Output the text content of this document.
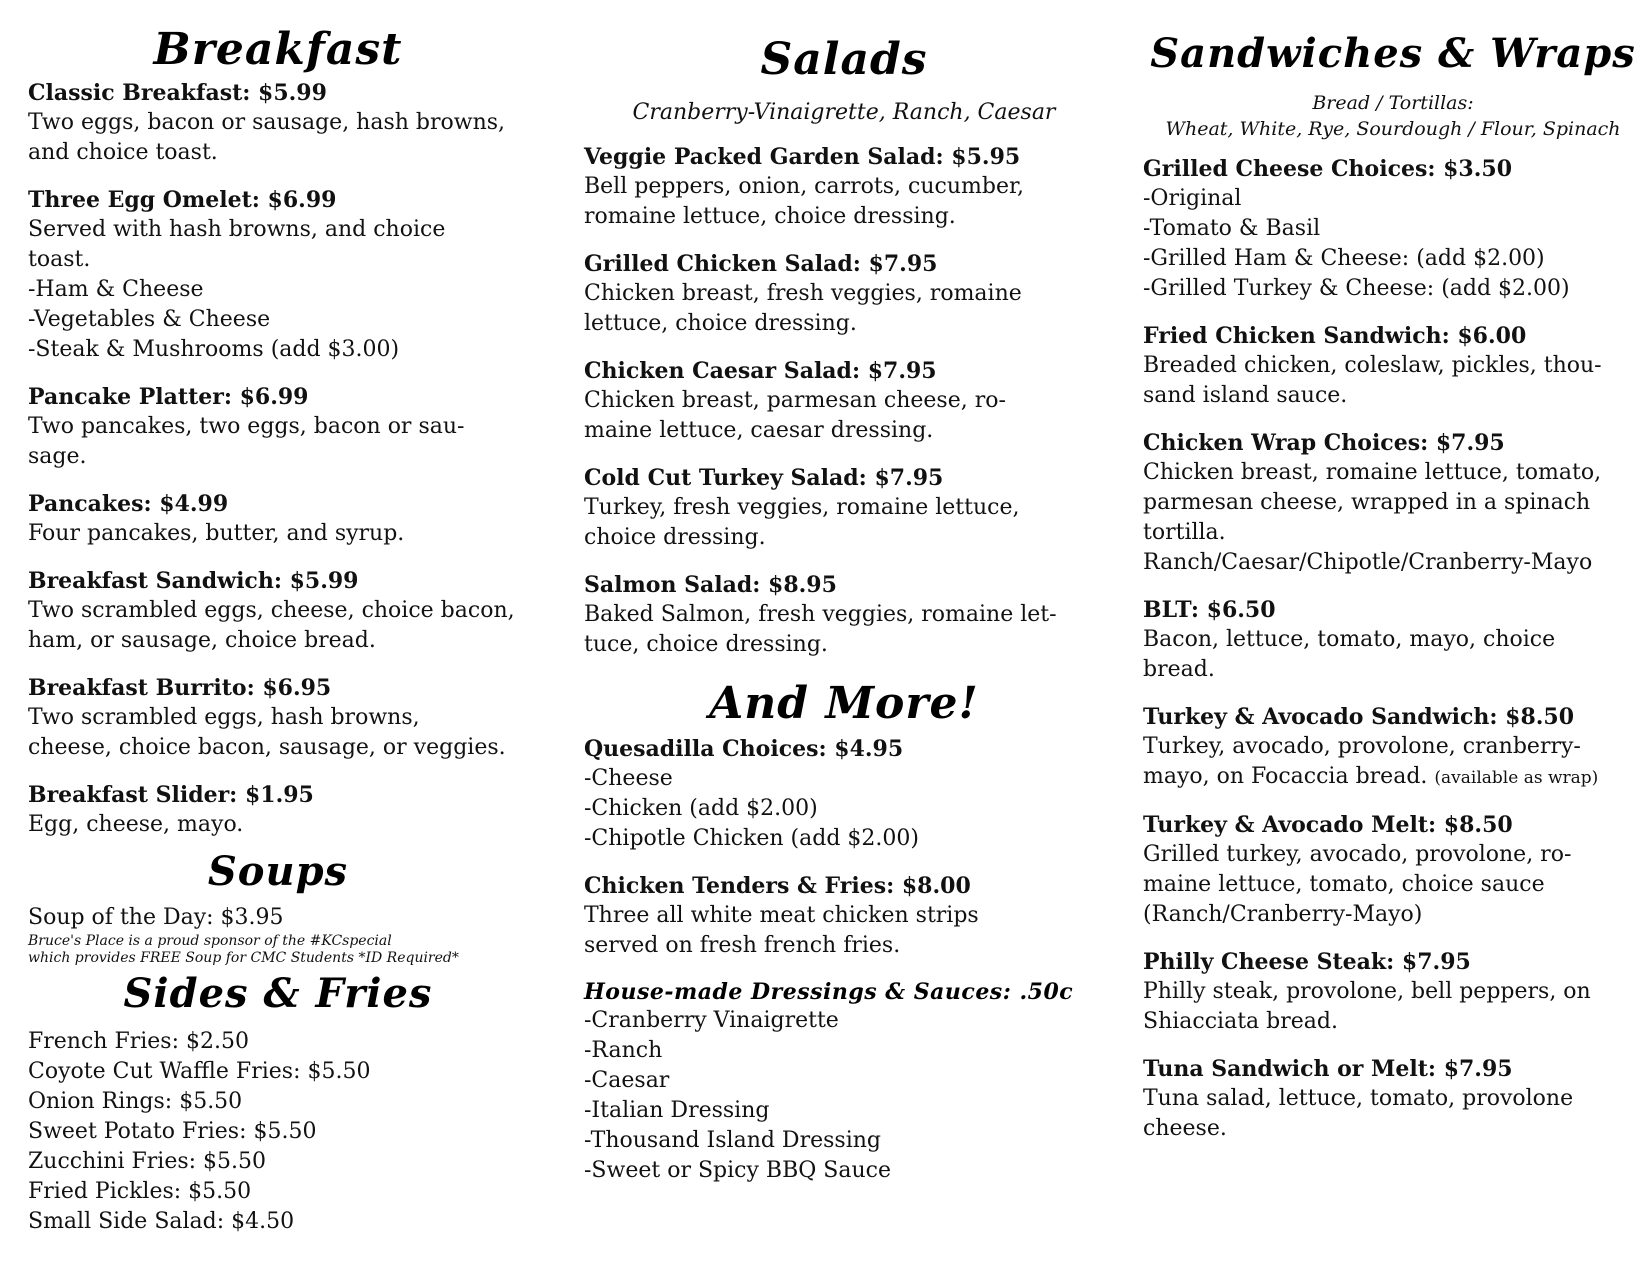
Breakfast
Classic Breakfast: $5.99
Two eggs, bacon or sausage, hash browns,
and choice toast.
Three Egg Omelet: $6.99
Served with hash browns, and choice
toast.
-Ham & Cheese
-Vegetables & Cheese
-Steak & Mushrooms (add $3.00)
Pancake Platter: $6.99
Two pancakes, two eggs, bacon or sau-
sage.
Pancakes: $4.99
Four pancakes, butter, and syrup.
Breakfast Sandwich: $5.99
Two scrambled eggs, cheese, choice bacon,
ham, or sausage, choice bread.
Breakfast Burrito: $6.95
Two scrambled eggs, hash browns,
cheese, choice bacon, sausage, or veggies.
Breakfast Slider: $1.95
Egg, cheese, mayo.
Soups
Soup of the Day: $3.95
Bruce's Place is a proud sponsor of the #KCspecial
which provides FREE Soup for CMC Students *ID Required*
Sides & Fries
French Fries: $2.50
Coyote Cut Waffle Fries: $5.50
Onion Rings: $5.50
Sweet Potato Fries: $5.50
Zucchini Fries: $5.50
Fried Pickles: $5.50
Small Side Salad: $4.50
Salads
Cranberry-Vinaigrette, Ranch, Caesar
Veggie Packed Garden Salad: $5.95
Bell peppers, onion, carrots, cucumber,
romaine lettuce, choice dressing.
Grilled Chicken Salad: $7.95
Chicken breast, fresh veggies, romaine
lettuce, choice dressing.
Chicken Caesar Salad: $7.95
Chicken breast, parmesan cheese, ro-
maine lettuce, caesar dressing.
Cold Cut Turkey Salad: $7.95
Turkey, fresh veggies, romaine lettuce,
choice dressing.
Salmon Salad: $8.95
Baked Salmon, fresh veggies, romaine let-
tuce, choice dressing.
And More!
Quesadilla Choices: $4.95
-Cheese
-Chicken (add $2.00)
-Chipotle Chicken (add $2.00)
Chicken Tenders & Fries: $8.00
Three all white meat chicken strips
served on fresh french fries.
House-made Dressings & Sauces: .50c
-Cranberry Vinaigrette
-Ranch
-Caesar
-Italian Dressing
-Thousand Island Dressing
-Sweet or Spicy BBQ Sauce
Sandwiches & Wraps
Bread / Tortillas:
Wheat, White, Rye, Sourdough / Flour, Spinach
Grilled Cheese Choices: $3.50
-Original
-Tomato & Basil
-Grilled Ham & Cheese: (add $2.00)
-Grilled Turkey & Cheese: (add $2.00)
Fried Chicken Sandwich: $6.00
Breaded chicken, coleslaw, pickles, thou-
sand island sauce.
Chicken Wrap Choices: $7.95
Chicken breast, romaine lettuce, tomato,
parmesan cheese, wrapped in a spinach
tortilla.
Ranch/Caesar/Chipotle/Cranberry-Mayo
BLT: $6.50
Bacon, lettuce, tomato, mayo, choice
bread.
Turkey & Avocado Sandwich: $8.50
Turkey, avocado, provolone, cranberry-
mayo, on Focaccia bread. (available as wrap)
Turkey & Avocado Melt: $8.50
Grilled turkey, avocado, provolone, ro-
maine lettuce, tomato, choice sauce
(Ranch/Cranberry-Mayo)
Philly Cheese Steak: $7.95
Philly steak, provolone, bell peppers, on
Shiacciata bread.
Tuna Sandwich or Melt: $7.95
Tuna salad, lettuce, tomato, provolone
cheese.
